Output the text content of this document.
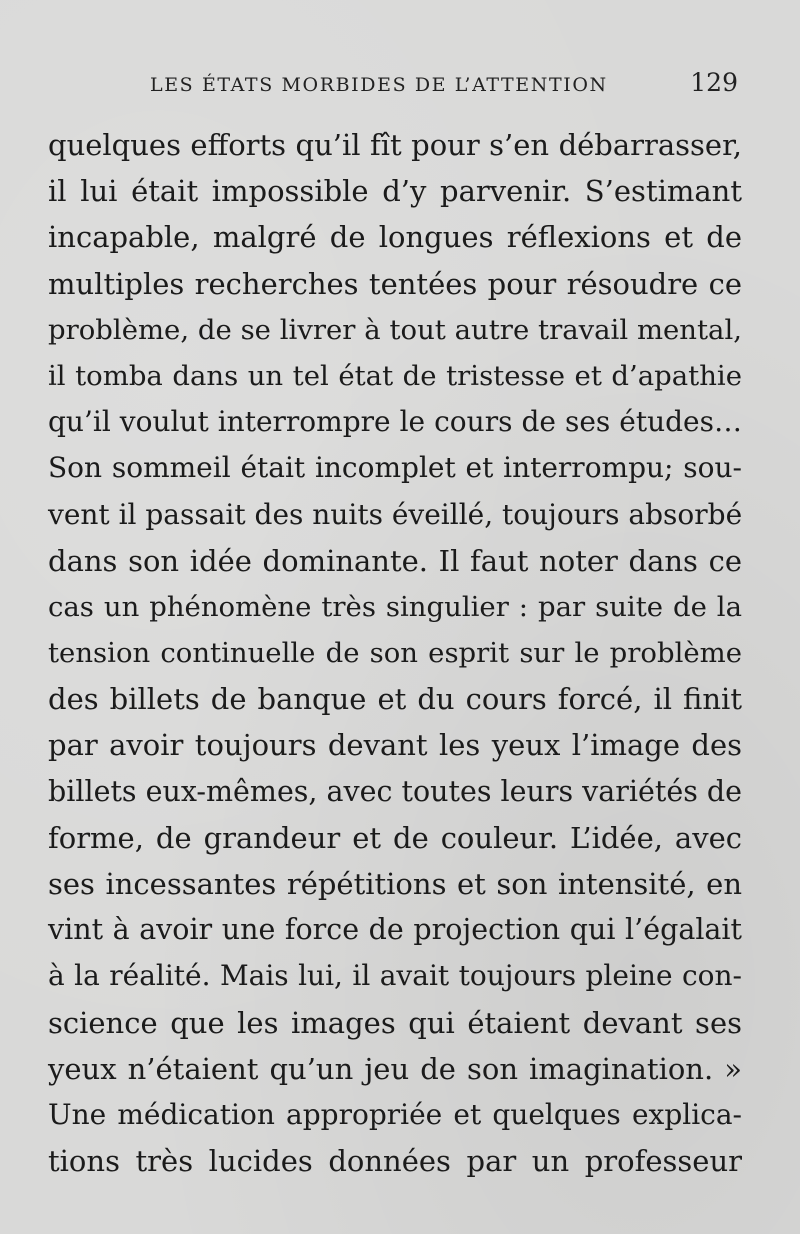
LES ÉTATS MORBIDES DE L’ATTENTION	129
quelques efforts qu’il fît pour s’en débarrasser,
il lui était impossible d’y parvenir. S’estimant
incapable, malgré de longues réflexions et de
multiples recherches tentées pour résoudre ce
problème, de se livrer à tout autre travail mental,
il tomba dans un tel état de tristesse et d’apathie
qu’il voulut interrompre le cours de ses études…
Son sommeil était incomplet et interrompu; sou-
vent il passait des nuits éveillé, toujours absorbé
dans son idée dominante. Il faut noter dans ce
cas un phénomène très singulier : par suite de la
tension continuelle de son esprit sur le problème
des billets de banque et du cours forcé, il finit
par avoir toujours devant les yeux l’image des
billets eux-mêmes, avec toutes leurs variétés de
forme, de grandeur et de couleur. L’idée, avec
ses incessantes répétitions et son intensité, en
vint à avoir une force de projection qui l’égalait
à la réalité. Mais lui, il avait toujours pleine con-
science que les images qui étaient devant ses
yeux n’étaient qu’un jeu de son imagination. »
Une médication appropriée et quelques explica-
tions très lucides données par un professeur
